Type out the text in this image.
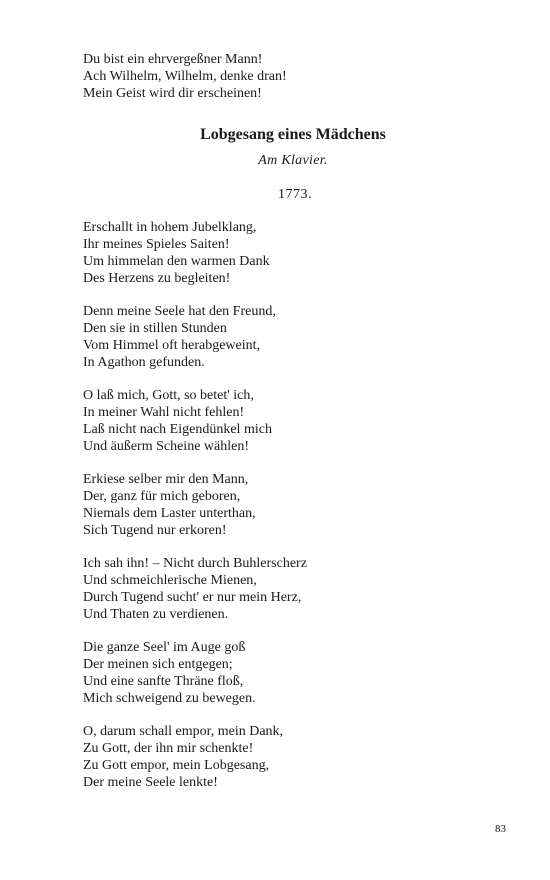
Du bist ein ehrvergeßner Mann!
Ach Wilhelm, Wilhelm, denke dran!
Mein Geist wird dir erscheinen!
Lobgesang eines Mädchens
Am Klavier.
1773.
Erschallt in hohem Jubelklang,
Ihr meines Spieles Saiten!
Um himmelan den warmen Dank
Des Herzens zu begleiten!
Denn meine Seele hat den Freund,
Den sie in stillen Stunden
Vom Himmel oft herabgeweint,
In Agathon gefunden.
O laß mich, Gott, so betet' ich,
In meiner Wahl nicht fehlen!
Laß nicht nach Eigendünkel mich
Und äußerm Scheine wählen!
Erkiese selber mir den Mann,
Der, ganz für mich geboren,
Niemals dem Laster unterthan,
Sich Tugend nur erkoren!
Ich sah ihn! – Nicht durch Buhlerscherz
Und schmeichlerische Mienen,
Durch Tugend sucht' er nur mein Herz,
Und Thaten zu verdienen.
Die ganze Seel' im Auge goß
Der meinen sich entgegen;
Und eine sanfte Thräne floß,
Mich schweigend zu bewegen.
O, darum schall empor, mein Dank,
Zu Gott, der ihn mir schenkte!
Zu Gott empor, mein Lobgesang,
Der meine Seele lenkte!
83
